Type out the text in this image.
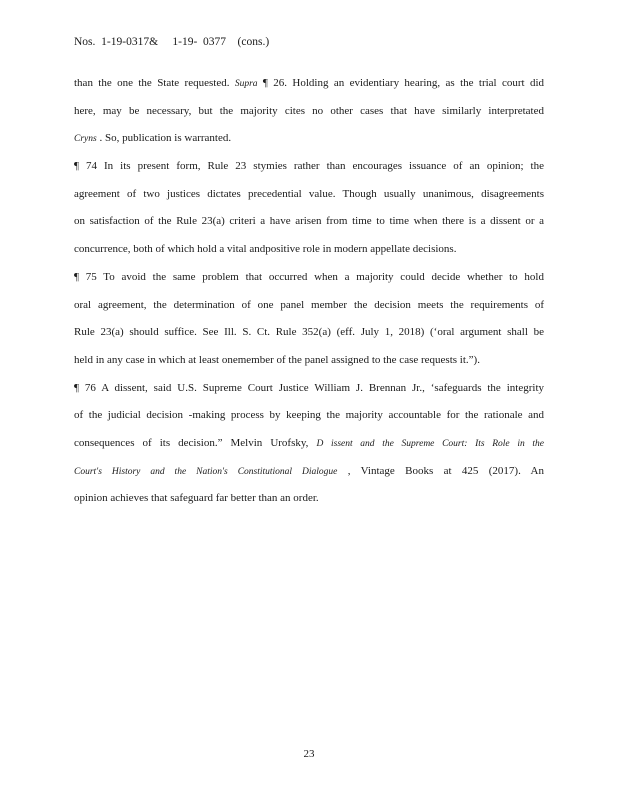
Nos.  1-19-0317&     1-19-  0377    (cons.)
than the one the State requested. Supra ¶ 26. Holding an evidentiary hearing, as the trial court did
here, may be necessary, but the majority cites no other cases that have similarly interpretated
Cryns . So, publication is warranted.
¶ 74 In its present form, Rule 23 stymies rather than encourages issuance of an opinion; the
agreement of two justices dictates precedential value. Though usually unanimous, disagreements
on satisfaction of the Rule 23(a) criteri a have arisen from time to time when there is a dissent or a
concurrence, both of which hold a vital andpositive role in modern appellate decisions.
¶ 75 To avoid the same problem that occurred when a majority could decide whether to hold
oral agreement, the determination of one panel member the decision meets the requirements of
Rule 23(a) should suffice. See Ill. S. Ct. Rule 352(a) (eff. July 1, 2018) (‘oral argument shall be
held in any case in which at least onemember of the panel assigned to the case requests it.”).
¶ 76 A dissent, said U.S. Supreme Court Justice William J. Brennan Jr., ‘safeguards the integrity
of the judicial decision -making process by keeping the majority accountable for the rationale and
consequences of its decision.” Melvin Urofsky, D issent and the Supreme Court: Its Role in the
Court's History and the Nation's Constitutional Dialogue , Vintage Books at 425 (2017). An
opinion achieves that safeguard far better than an order.
23
